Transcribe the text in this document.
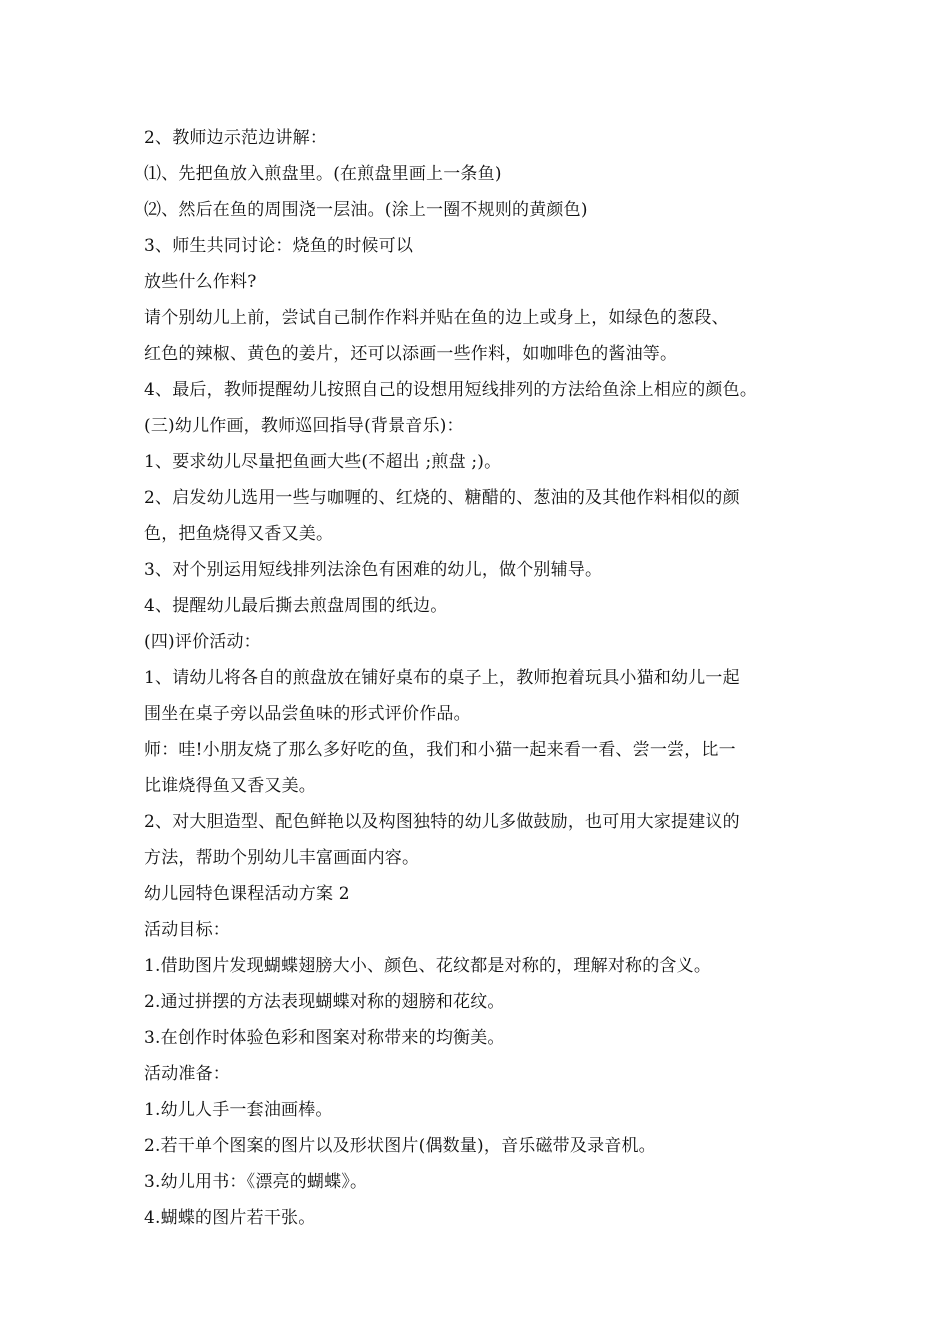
2、教师边示范边讲解：
⑴、先把鱼放入煎盘里。(在煎盘里画上一条鱼)
⑵、然后在鱼的周围浇一层油。(涂上一圈不规则的黄颜色)
3、师生共同讨论：烧鱼的时候可以
放些什么作料?
请个别幼儿上前，尝试自己制作作料并贴在鱼的边上或身上，如绿色的葱段、
红色的辣椒、黄色的姜片，还可以添画一些作料，如咖啡色的酱油等。
4、最后，教师提醒幼儿按照自己的设想用短线排列的方法给鱼涂上相应的颜色。
(三)幼儿作画，教师巡回指导(背景音乐)：
1、要求幼儿尽量把鱼画大些(不超出 ;煎盘 ;)。
2、启发幼儿选用一些与咖喱的、红烧的、糖醋的、葱油的及其他作料相似的颜
色，把鱼烧得又香又美。
3、对个别运用短线排列法涂色有困难的幼儿，做个别辅导。
4、提醒幼儿最后撕去煎盘周围的纸边。
(四)评价活动：
1、请幼儿将各自的煎盘放在铺好桌布的桌子上，教师抱着玩具小猫和幼儿一起
围坐在桌子旁以品尝鱼味的形式评价作品。
师：哇!小朋友烧了那么多好吃的鱼，我们和小猫一起来看一看、尝一尝，比一
比谁烧得鱼又香又美。
2、对大胆造型、配色鲜艳以及构图独特的幼儿多做鼓励，也可用大家提建议的
方法，帮助个别幼儿丰富画面内容。
幼儿园特色课程活动方案 2
活动目标：
1.借助图片发现蝴蝶翅膀大小、颜色、花纹都是对称的，理解对称的含义。
2.通过拼摆的方法表现蝴蝶对称的翅膀和花纹。
3.在创作时体验色彩和图案对称带来的均衡美。
活动准备：
1.幼儿人手一套油画棒。
2.若干单个图案的图片以及形状图片(偶数量)，音乐磁带及录音机。
3.幼儿用书：《漂亮的蝴蝶》。
4.蝴蝶的图片若干张。
